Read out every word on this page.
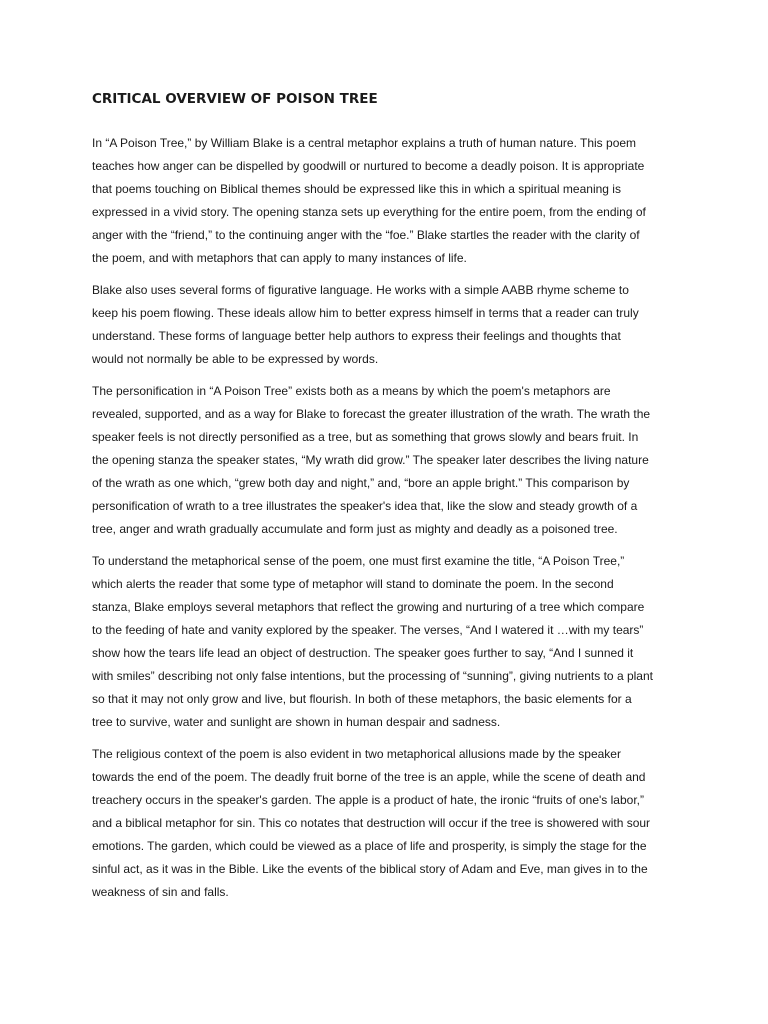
CRITICAL OVERVIEW OF POISON TREE

In “A Poison Tree,” by William Blake is a central metaphor explains a truth of human nature. This poem
teaches how anger can be dispelled by goodwill or nurtured to become a deadly poison. It is appropriate
that poems touching on Biblical themes should be expressed like this in which a spiritual meaning is
expressed in a vivid story. The opening stanza sets up everything for the entire poem, from the ending of
anger with the “friend,” to the continuing anger with the “foe.” Blake startles the reader with the clarity of
the poem, and with metaphors that can apply to many instances of life.

Blake also uses several forms of figurative language. He works with a simple AABB rhyme scheme to
keep his poem flowing. These ideals allow him to better express himself in terms that a reader can truly
understand. These forms of language better help authors to express their feelings and thoughts that
would not normally be able to be expressed by words.

The personification in “A Poison Tree” exists both as a means by which the poem's metaphors are
revealed, supported, and as a way for Blake to forecast the greater illustration of the wrath. The wrath the
speaker feels is not directly personified as a tree, but as something that grows slowly and bears fruit. In
the opening stanza the speaker states, “My wrath did grow.” The speaker later describes the living nature
of the wrath as one which, “grew both day and night,” and, “bore an apple bright.” This comparison by
personification of wrath to a tree illustrates the speaker's idea that, like the slow and steady growth of a
tree, anger and wrath gradually accumulate and form just as mighty and deadly as a poisoned tree.

To understand the metaphorical sense of the poem, one must first examine the title, “A Poison Tree,”
which alerts the reader that some type of metaphor will stand to dominate the poem. In the second
stanza, Blake employs several metaphors that reflect the growing and nurturing of a tree which compare
to the feeding of hate and vanity explored by the speaker. The verses, “And I watered it …with my tears”
show how the tears life lead an object of destruction. The speaker goes further to say, “And I sunned it
with smiles” describing not only false intentions, but the processing of “sunning”, giving nutrients to a plant
so that it may not only grow and live, but flourish. In both of these metaphors, the basic elements for a
tree to survive, water and sunlight are shown in human despair and sadness.

The religious context of the poem is also evident in two metaphorical allusions made by the speaker
towards the end of the poem. The deadly fruit borne of the tree is an apple, while the scene of death and
treachery occurs in the speaker's garden. The apple is a product of hate, the ironic “fruits of one's labor,”
and a biblical metaphor for sin. This co notates that destruction will occur if the tree is showered with sour
emotions. The garden, which could be viewed as a place of life and prosperity, is simply the stage for the
sinful act, as it was in the Bible. Like the events of the biblical story of Adam and Eve, man gives in to the
weakness of sin and falls.
